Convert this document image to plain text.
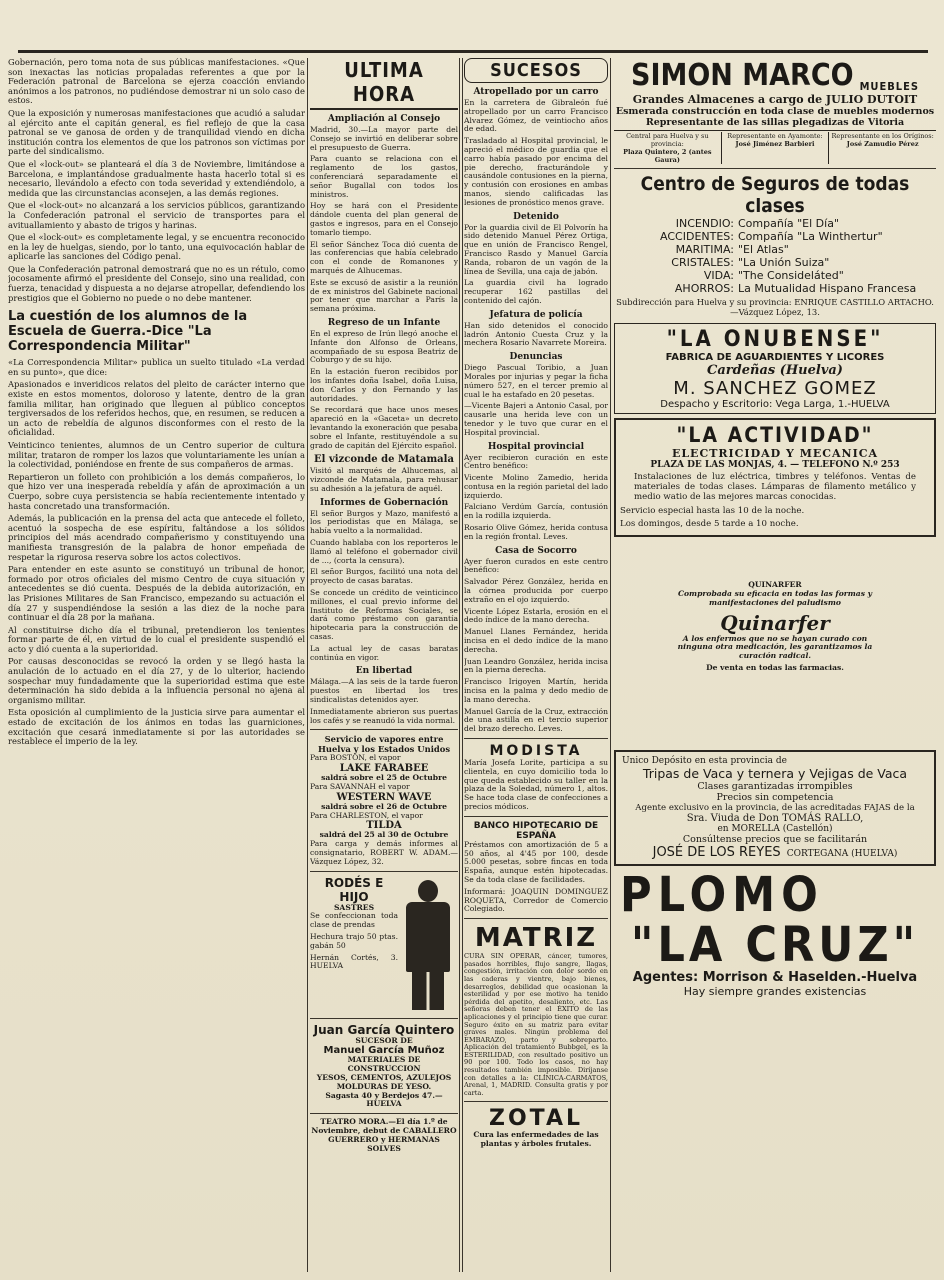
Gobernación, pero toma nota de sus públicas manifestaciones. «Que son inexactas las noticias propaladas referentes a que por la Federación patronal de Barcelona se ejerza coacción enviando anónimos a los patronos, no pudiéndose demostrar ni un solo caso de estos.

Que la exposición y numerosas manifestaciones que acudió a saludar al ejército ante el capitán general, es fiel reflejo de que la casa patronal se ve ganosa de orden y de tranquilidad viendo en dicha institución contra los elementos de que los patronos son víctimas por parte del sindicalismo.

Que el «lock-out» se planteará el día 3 de Noviembre, limitándose a Barcelona, e implantándose gradualmente hasta hacerlo total si es necesario, llevándolo a efecto con toda severidad y extendiéndolo, a medida que las circunstancias aconsejen, a las demás regiones.

Que el «lock-out» no alcanzará a los servicios públicos, garantizando la Confederación patronal el servicio de transportes para el avituallamiento y abasto de trigos y harinas.

Que el «lock-out» es completamente legal, y se encuentra reconocido en la ley de huelgas, siendo, por lo tanto, una equivocación hablar de aplicarle las sanciones del Código penal.

Que la Confederación patronal demostrará que no es un rétulo, como jocosamente afirmó el presidente del Consejo, sino una realidad, con fuerza, tenacidad y dispuesta a no dejarse atropellar, defendiendo los prestigios que el Gobierno no puede o no debe mantener.

La cuestión de los alumnos de la Escuela de Guerra.-Dice "La Correspondencia Militar"

«La Correspondencia Militar» publica un suelto titulado «La verdad en su punto», que dice:

Apasionados e inveridicos relatos del pleito de carácter interno que existe en estos momentos, doloroso y latente, dentro de la gran familia militar, han originado que lleguen al público conceptos tergiversados de los referidos hechos, que, en resumen, se reducen a un acto de rebeldía de algunos disconformes con el resto de la oficialidad.

Veinticinco tenientes, alumnos de un Centro superior de cultura militar, trataron de romper los lazos que voluntariamente les unían a la colectividad, poniéndose en frente de sus compañeros de armas.

Repartieron un folleto con prohibición a los demás compañeros, lo que hizo ver una inesperada rebeldía y afán de aproximación a un Cuerpo, sobre cuya persistencia se había recientemente intentado y hasta concretado una transformación.

Además, la publicación en la prensa del acta que antecede el folleto, acentuó la sospecha de ese espíritu, faltándose a los sólidos principios del más acendrado compañerismo y constituyendo una manifiesta transgresión de la palabra de honor empeñada de respetar la rigurosa reserva sobre los actos colectivos.

Para entender en este asunto se constituyó un tribunal de honor, formado por otros oficiales del mismo Centro de cuya situación y antecedentes se dió cuenta. Después de la debida autorización, en las Prisiones Militares de San Francisco, empezando su actuación el día 27 y suspendiéndose la sesión a las diez de la noche para continuar el día 28 por la mañana.

Al constituirse dicho día el tribunal, pretendieron los tenientes formar parte de él, en virtud de lo cual el presidente suspendió el acto y dió cuenta a la superioridad.

Por causas desconocidas se revocó la orden y se llegó hasta la anulación de lo actuado en el día 27, y de lo ulterior, haciendo sospechar muy fundadamente que la superioridad estima que este determinación ha sido debida a la influencia personal no ajena al organismo militar.

Esta oposición al cumplimiento de la justicia sirve para aumentar el estado de excitación de los ánimos en todas las guarniciones, excitación que cesará inmediatamente si por las autoridades se restablece el imperio de la ley.

ULTIMA HORA
Ampliación al Consejo

Madrid, 30.—La mayor parte del Consejo se invirtió en deliberar sobre el presupuesto de Guerra.

Para cuanto se relaciona con el reglamento de los gastos, conferenciará separadamente el señor Bugallal con todos los ministros.

Hoy se hará con el Presidente dándole cuenta del plan general de gastos e ingresos, para en el Consejo tomarlo tiempo.

El señor Sánchez Toca dió cuenta de las conferencias que había celebrado con el conde de Romanones y marqués de Alhucemas.

Este se excusó de asistir a la reunión de ex ministros del Gabinete nacional por tener que marchar a París la semana próxima.

Regreso de un Infante

En el expreso de Irún llegó anoche el Infante don Alfonso de Orleans, acompañado de su esposa Beatriz de Coburgo y de su hijo.

En la estación fueron recibidos por los infantes doña Isabel, doña Luisa, don Carlos y don Fernando y las autoridades.

Se recordará que hace unos meses apareció en la «Gaceta» un decreto levantando la exoneración que pesaba sobre el Infante, restituyéndole a su grado de capitán del Ejército español.

El vizconde de Matamala

Visitó al marqués de Alhucemas, al vizconde de Matamala, para rehusar su adhesión a la jefatura de aquél.

Informes de Gobernación

El señor Burgos y Mazo, manifestó a los periodistas que en Málaga, se había vuelto a la normalidad.

Cuando hablaba con los reporteros le llamó al teléfono el gobernador civil de ..., (corta la censura).

El señor Burgos, facilitó una nota del proyecto de casas baratas.

Se concede un crédito de veinticinco millones, el cual previo informe del Instituto de Reformas Sociales, se dará como préstamo con garantía hipotecaria para la construcción de casas.

La actual ley de casas baratas continúa en vigor.

En libertad

Málaga.—A las seis de la tarde fueron puestos en libertad los tres sindicalistas detenidos ayer.

Inmediatamente abrieron sus puertas los cafés y se reanudó la vida normal.

Servicio de vapores entre Huelva y los Estados Unidos
Para BOSTON, el vapor
LAKE FARABEE
saldrá sobre el 25 de Octubre
Para SAVANNAH el vapor
WESTERN WAVE
saldrá sobre el 26 de Octubre
Para CHARLESTON, el vapor
TILDA
saldrá del 25 al 30 de Octubre

Para carga y demás informes al consignatario, ROBERT W. ADAM.—Vázquez López, 32.

RODÉS E HIJO
SASTRES

Se confeccionan toda clase de prendas

Hechura trajo 50 ptas. gabán 50

Hernán Cortés, 3. HUELVA

Juan García Quintero
SUCESOR DE
Manuel García Muñoz
MATERIALES DE CONSTRUCCION
YESOS, CEMENTOS, AZULEJOS MOLDURAS DE YESO.
Sagasta 40 y Berdejos 47.—HUELVA

TEATRO MORA.—El día 1.º de Noviembre, debut de CABALLERO GUERRERO y HERMANAS SOLVES

SUCESOS
Atropellado por un carro

En la carretera de Gibraleón fué atropellado por un carro Francisco Alvarez Gómez, de veintiocho años de edad.

Trasladado al Hospital provincial, le apreció el médico de guardia que el carro había pasado por encima del pie derecho, fracturándole y causándole contusiones en la pierna, y contusión con erosiones en ambas manos, siendo calificadas las lesiones de pronóstico menos grave.

Detenido

Por la guardia civil de El Polvorín ha sido detenido Manuel Pérez Ortiga, que en unión de Francisco Rengel, Francisco Rasdo y Manuel García Randa, robaron de un vagón de la línea de Sevilla, una caja de jabón.

La guardia civil ha logrado recuperar 162 pastillas del contenido del cajón.

Jefatura de policía

Han sido detenidos el conocido ladrón Antonio Cuesta Cruz y la mechera Rosario Navarrete Moreira.

Denuncias

Diego Pascual Toribio, a Juan Morales por injurias y pegar la ficha número 527, en el tercer premio al cual le ha estafado en 20 pesetas.

—Vicente Bajeri a Antonio Casal, por causarle una herida leve con un tenedor y le tuvo que curar en el Hospital provincial.

Hospital provincial

Ayer recibieron curación en este Centro benéfico:

Vicente Molino Zamedio, herida contusa en la región parietal del lado izquierdo.

Falciano Verdúm García, contusión en la rodilla izquierda.

Rosario Olive Gómez, herida contusa en la región frontal. Leves.

Casa de Socorro

Ayer fueron curados en este centro benéfico:

Salvador Pérez González, herida en la córnea producida por cuerpo extraño en el ojo izquierdo.

Vicente López Estarla, erosión en el dedo índice de la mano derecha.

Manuel Llanes Fernández, herida incisa en el dedo índice de la mano derecha.

Juan Leandro González, herida incisa en la pierna derecha.

Francisco Irigoyen Martín, herida incisa en la palma y dedo medio de la mano derecha.

Manuel García de la Cruz, extracción de una astilla en el tercio superior del brazo derecho. Leves.

MODISTA

María Josefa Lorite, participa a su clientela, en cuyo domicilio toda lo que queda establecido su taller en la plaza de la Soledad, número 1, altos. Se hace toda clase de confecciones a precios módicos.

BANCO HIPOTECARIO DE ESPAÑA

Préstamos con amortización de 5 a 50 años, al 4'45 por 100, desde 5.000 pesetas, sobre fincas en toda España, aunque estén hipotecadas. Se da toda clase de facilidades.

Informará: JOAQUIN DOMINGUEZ ROQUETA, Corredor de Comercio Colegiado.

MATRIZ

CURA SIN OPERAR, cáncer, tumores, pasados horribles, flujo sangre, llagas, congestión, irritación con dolor sordo en las caderas y vientre, bajo bienes, desarreglos, debilidad que ocasionan la esterilidad y por ese motivo ha tenido pérdida del apetito, desaliento, etc. Las señoras deben tener el ÉXITO de las aplicaciones y el principio tiene que curar. Seguro éxito en su matriz para evitar graves males. Ningún problema del EMBARAZO, parto y sobreparto. Aplicación del tratamiento Bubbgel, es la ESTERILIDAD, con resultado positivo un 90 por 100. Todo los casos, no hay resultados también imposible. Diríjanse con detalles a la: CLÍNICA-CARMATOS, Arenal, 1, MADRID. Consulta gratis y por carta.

ZOTAL

Cura las enfermedades de las plantas y árboles frutales.

SIMON MARCO MUEBLES
Grandes Almacenes a cargo de JULIO DUTOIT
Esmerada construcción en toda clase de muebles modernos
Representante de las sillas plegadizas de Vitoria
Central para Huelva y su provincia:
Plaza Quintero, 2 (antes Gaura)
Representante en Ayamonte:
José Jiménez Barbieri
Representante en los Oríginos:
José Zamudio Pérez
Centro de Seguros de todas clases
INCENDIO: Compañía "El Día"
ACCIDENTES: Compañía "La Winthertur"
MARITIMA: "El Atlas"
CRISTALES: "La Unión Suiza"
VIDA: "The Consideláted"
AHORROS: La Mutualidad Hispano Francesa
Subdirección para Huelva y su provincia: ENRIQUE CASTILLO ARTACHO.—Vázquez López, 13.
"LA ONUBENSE"
FABRICA DE AGUARDIENTES Y LICORES
Cardeñas (Huelva)
M. SANCHEZ GOMEZ
Despacho y Escritorio: Vega Larga, 1.-HUELVA
"LA ACTIVIDAD"
ELECTRICIDAD Y MECANICA
PLAZA DE LAS MONJAS, 4. — TELEFONO N.º 253

Instalaciones de luz eléctrica, timbres y teléfonos. Ventas de materiales de todas clases. Lámparas de filamento metálico y medio watio de las mejores marcas conocidas.

Servicio especial hasta las 10 de la noche.

Los domingos, desde 5 tarde a 10 noche.

QUINARFER

Comprobada su eficacia en todas las formas y manifestaciones del paludismo

Quinarfer

A los enfermos que no se hayan curado con ninguna otra medicación, les garantizamos la curación radical.

De venta en todas las farmacias.

Unico Depósito en esta provincia de
Tripas de Vaca y ternera y Vejigas de Vaca
Clases garantizadas irrompibles
Precios sin competencia
Agente exclusivo en la provincia, de las acreditadas FAJAS de la
Sra. Viuda de Don TOMÁS RALLO,
en MORELLA (Castellón)
Consúltense precios que se facilitarán
JOSÉ DE LOS REYES CORTEGANA (HUELVA)
PLOMO
"LA CRUZ"
Agentes: Morrison & Haselden.-Huelva
Hay siempre grandes existencias
